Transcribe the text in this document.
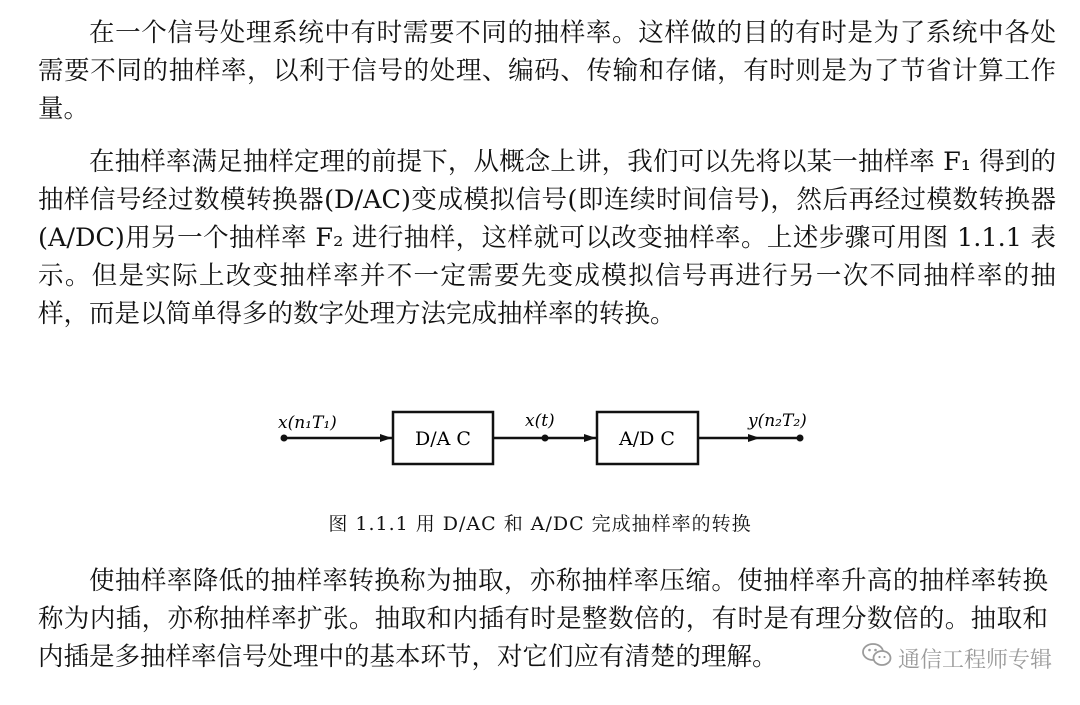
在一个信号处理系统中有时需要不同的抽样率。这样做的目的有时是为了系统中各处需要不同的抽样率，以利于信号的处理、编码、传输和存储，有时则是为了节省计算工作量。

在抽样率满足抽样定理的前提下，从概念上讲，我们可以先将以某一抽样率 F₁ 得到的抽样信号经过数模转换器(D/AC)变成模拟信号(即连续时间信号)，然后再经过模数转换器(A/DC)用另一个抽样率 F₂ 进行抽样，这样就可以改变抽样率。上述步骤可用图 1.1.1 表示。但是实际上改变抽样率并不一定需要先变成模拟信号再进行另一次不同抽样率的抽样，而是以简单得多的数字处理方法完成抽样率的转换。

x(n₁T₁)
D/A C
x(t)
A/D C
y(n₂T₂)
图 1.1.1 用 D/AC 和 A/DC 完成抽样率的转换

使抽样率降低的抽样率转换称为抽取，亦称抽样率压缩。使抽样率升高的抽样率转换称为内插，亦称抽样率扩张。抽取和内插有时是整数倍的，有时是有理分数倍的。抽取和内插是多抽样率信号处理中的基本环节，对它们应有清楚的理解。	通信工程师专辑
